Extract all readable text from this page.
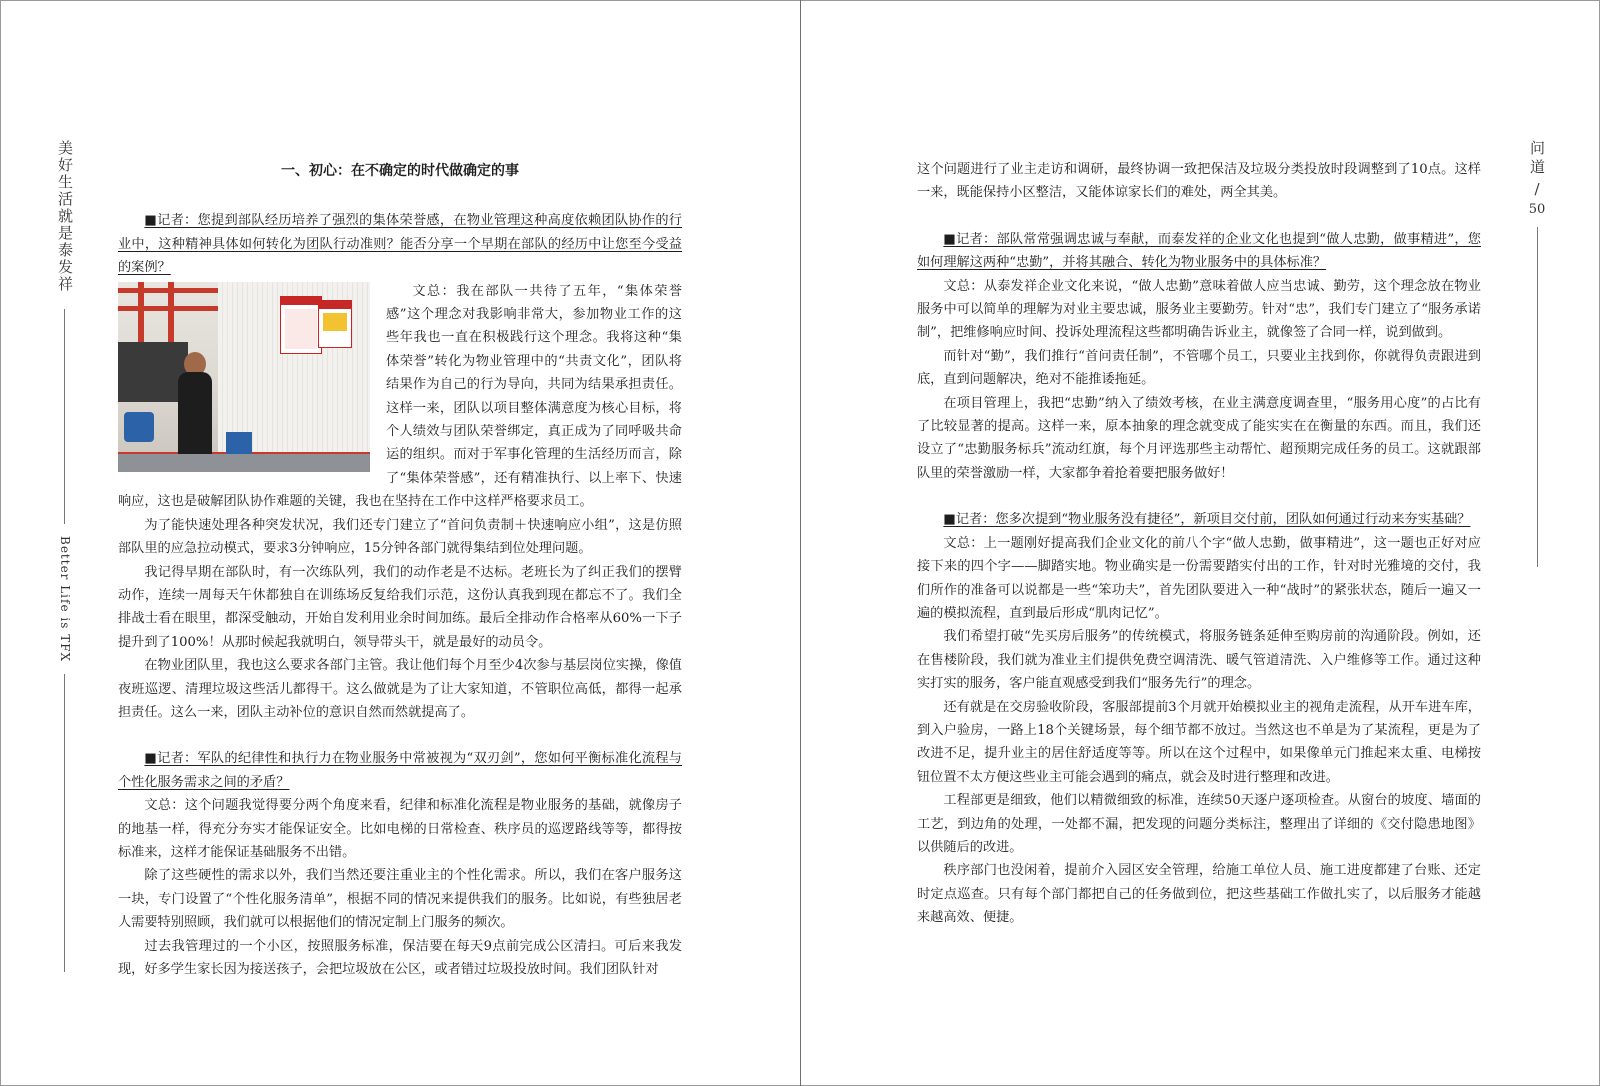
美好生活就是泰发祥
Better Life is TFX
问道
/
50
一、初心：在不确定的时代做确定的事

■记者：您提到部队经历培养了强烈的集体荣誉感，在物业管理这种高度依赖团队协作的行业中，这种精神具体如何转化为团队行动准则？能否分享一个早期在部队的经历中让您至今受益的案例？

文总：我在部队一共待了五年，“集体荣誉感”这个理念对我影响非常大，参加物业工作的这些年我也一直在积极践行这个理念。我将这种“集体荣誉”转化为物业管理中的“共责文化”，团队将结果作为自己的行为导向，共同为结果承担责任。这样一来，团队以项目整体满意度为核心目标，将个人绩效与团队荣誉绑定，真正成为了同呼吸共命运的组织。而对于军事化管理的生活经历而言，除了“集体荣誉感”，还有精准执行、以上率下、快速响应，这也是破解团队协作难题的关键，我也在坚持在工作中这样严格要求员工。

为了能快速处理各种突发状况，我们还专门建立了“首问负责制＋快速响应小组”，这是仿照部队里的应急拉动模式，要求3分钟响应，15分钟各部门就得集结到位处理问题。

我记得早期在部队时，有一次练队列，我们的动作老是不达标。老班长为了纠正我们的摆臂动作，连续一周每天午休都独自在训练场反复给我们示范，这份认真我到现在都忘不了。我们全排战士看在眼里，都深受触动，开始自发利用业余时间加练。最后全排动作合格率从60%一下子提升到了100%！从那时候起我就明白，领导带头干，就是最好的动员令。

在物业团队里，我也这么要求各部门主管。我让他们每个月至少4次参与基层岗位实操，像值夜班巡逻、清理垃圾这些活儿都得干。这么做就是为了让大家知道，不管职位高低，都得一起承担责任。这么一来，团队主动补位的意识自然而然就提高了。

■记者：军队的纪律性和执行力在物业服务中常被视为“双刃剑”，您如何平衡标准化流程与个性化服务需求之间的矛盾？

文总：这个问题我觉得要分两个角度来看，纪律和标准化流程是物业服务的基础，就像房子的地基一样，得充分夯实才能保证安全。比如电梯的日常检查、秩序员的巡逻路线等等，都得按标准来，这样才能保证基础服务不出错。

除了这些硬性的需求以外，我们当然还要注重业主的个性化需求。所以，我们在客户服务这一块，专门设置了“个性化服务清单”，根据不同的情况来提供我们的服务。比如说，有些独居老人需要特别照顾，我们就可以根据他们的情况定制上门服务的频次。

过去我管理过的一个小区，按照服务标准，保洁要在每天9点前完成公区清扫。可后来我发现，好多学生家长因为接送孩子，会把垃圾放在公区，或者错过垃圾投放时间。我们团队针对

这个问题进行了业主走访和调研，最终协调一致把保洁及垃圾分类投放时段调整到了10点。这样一来，既能保持小区整洁，又能体谅家长们的难处，两全其美。

■记者：部队常常强调忠诚与奉献，而泰发祥的企业文化也提到“做人忠勤，做事精进”，您如何理解这两种“忠勤”，并将其融合、转化为物业服务中的具体标准？

文总：从泰发祥企业文化来说，“做人忠勤”意味着做人应当忠诚、勤劳，这个理念放在物业服务中可以简单的理解为对业主要忠诚，服务业主要勤劳。针对“忠”，我们专门建立了“服务承诺制”，把维修响应时间、投诉处理流程这些都明确告诉业主，就像签了合同一样，说到做到。

而针对“勤”，我们推行“首问责任制”，不管哪个员工，只要业主找到你，你就得负责跟进到底，直到问题解决，绝对不能推诿拖延。

在项目管理上，我把“忠勤”纳入了绩效考核，在业主满意度调查里，“服务用心度”的占比有了比较显著的提高。这样一来，原本抽象的理念就变成了能实实在在衡量的东西。而且，我们还设立了“忠勤服务标兵”流动红旗，每个月评选那些主动帮忙、超预期完成任务的员工。这就跟部队里的荣誉激励一样，大家都争着抢着要把服务做好！

■记者：您多次提到“物业服务没有捷径”，新项目交付前，团队如何通过行动来夯实基础？

文总：上一题刚好提高我们企业文化的前八个字“做人忠勤，做事精进”，这一题也正好对应接下来的四个字——脚踏实地。物业确实是一份需要踏实付出的工作，针对时光雅境的交付，我们所作的准备可以说都是一些“笨功夫”，首先团队要进入一种“战时”的紧张状态，随后一遍又一遍的模拟流程，直到最后形成“肌肉记忆”。

我们希望打破“先买房后服务”的传统模式，将服务链条延伸至购房前的沟通阶段。例如，还在售楼阶段，我们就为准业主们提供免费空调清洗、暖气管道清洗、入户维修等工作。通过这种实打实的服务，客户能直观感受到我们“服务先行”的理念。

还有就是在交房验收阶段，客服部提前3个月就开始模拟业主的视角走流程，从开车进车库，到入户验房，一路上18个关键场景，每个细节都不放过。当然这也不单是为了某流程，更是为了改进不足，提升业主的居住舒适度等等。所以在这个过程中，如果像单元门推起来太重、电梯按钮位置不太方便这些业主可能会遇到的痛点，就会及时进行整理和改进。

工程部更是细致，他们以精微细致的标准，连续50天逐户逐项检查。从窗台的坡度、墙面的工艺，到边角的处理，一处都不漏，把发现的问题分类标注，整理出了详细的《交付隐患地图》以供随后的改进。

秩序部门也没闲着，提前介入园区安全管理，给施工单位人员、施工进度都建了台账、还定时定点巡查。只有每个部门都把自己的任务做到位，把这些基础工作做扎实了，以后服务才能越来越高效、便捷。
